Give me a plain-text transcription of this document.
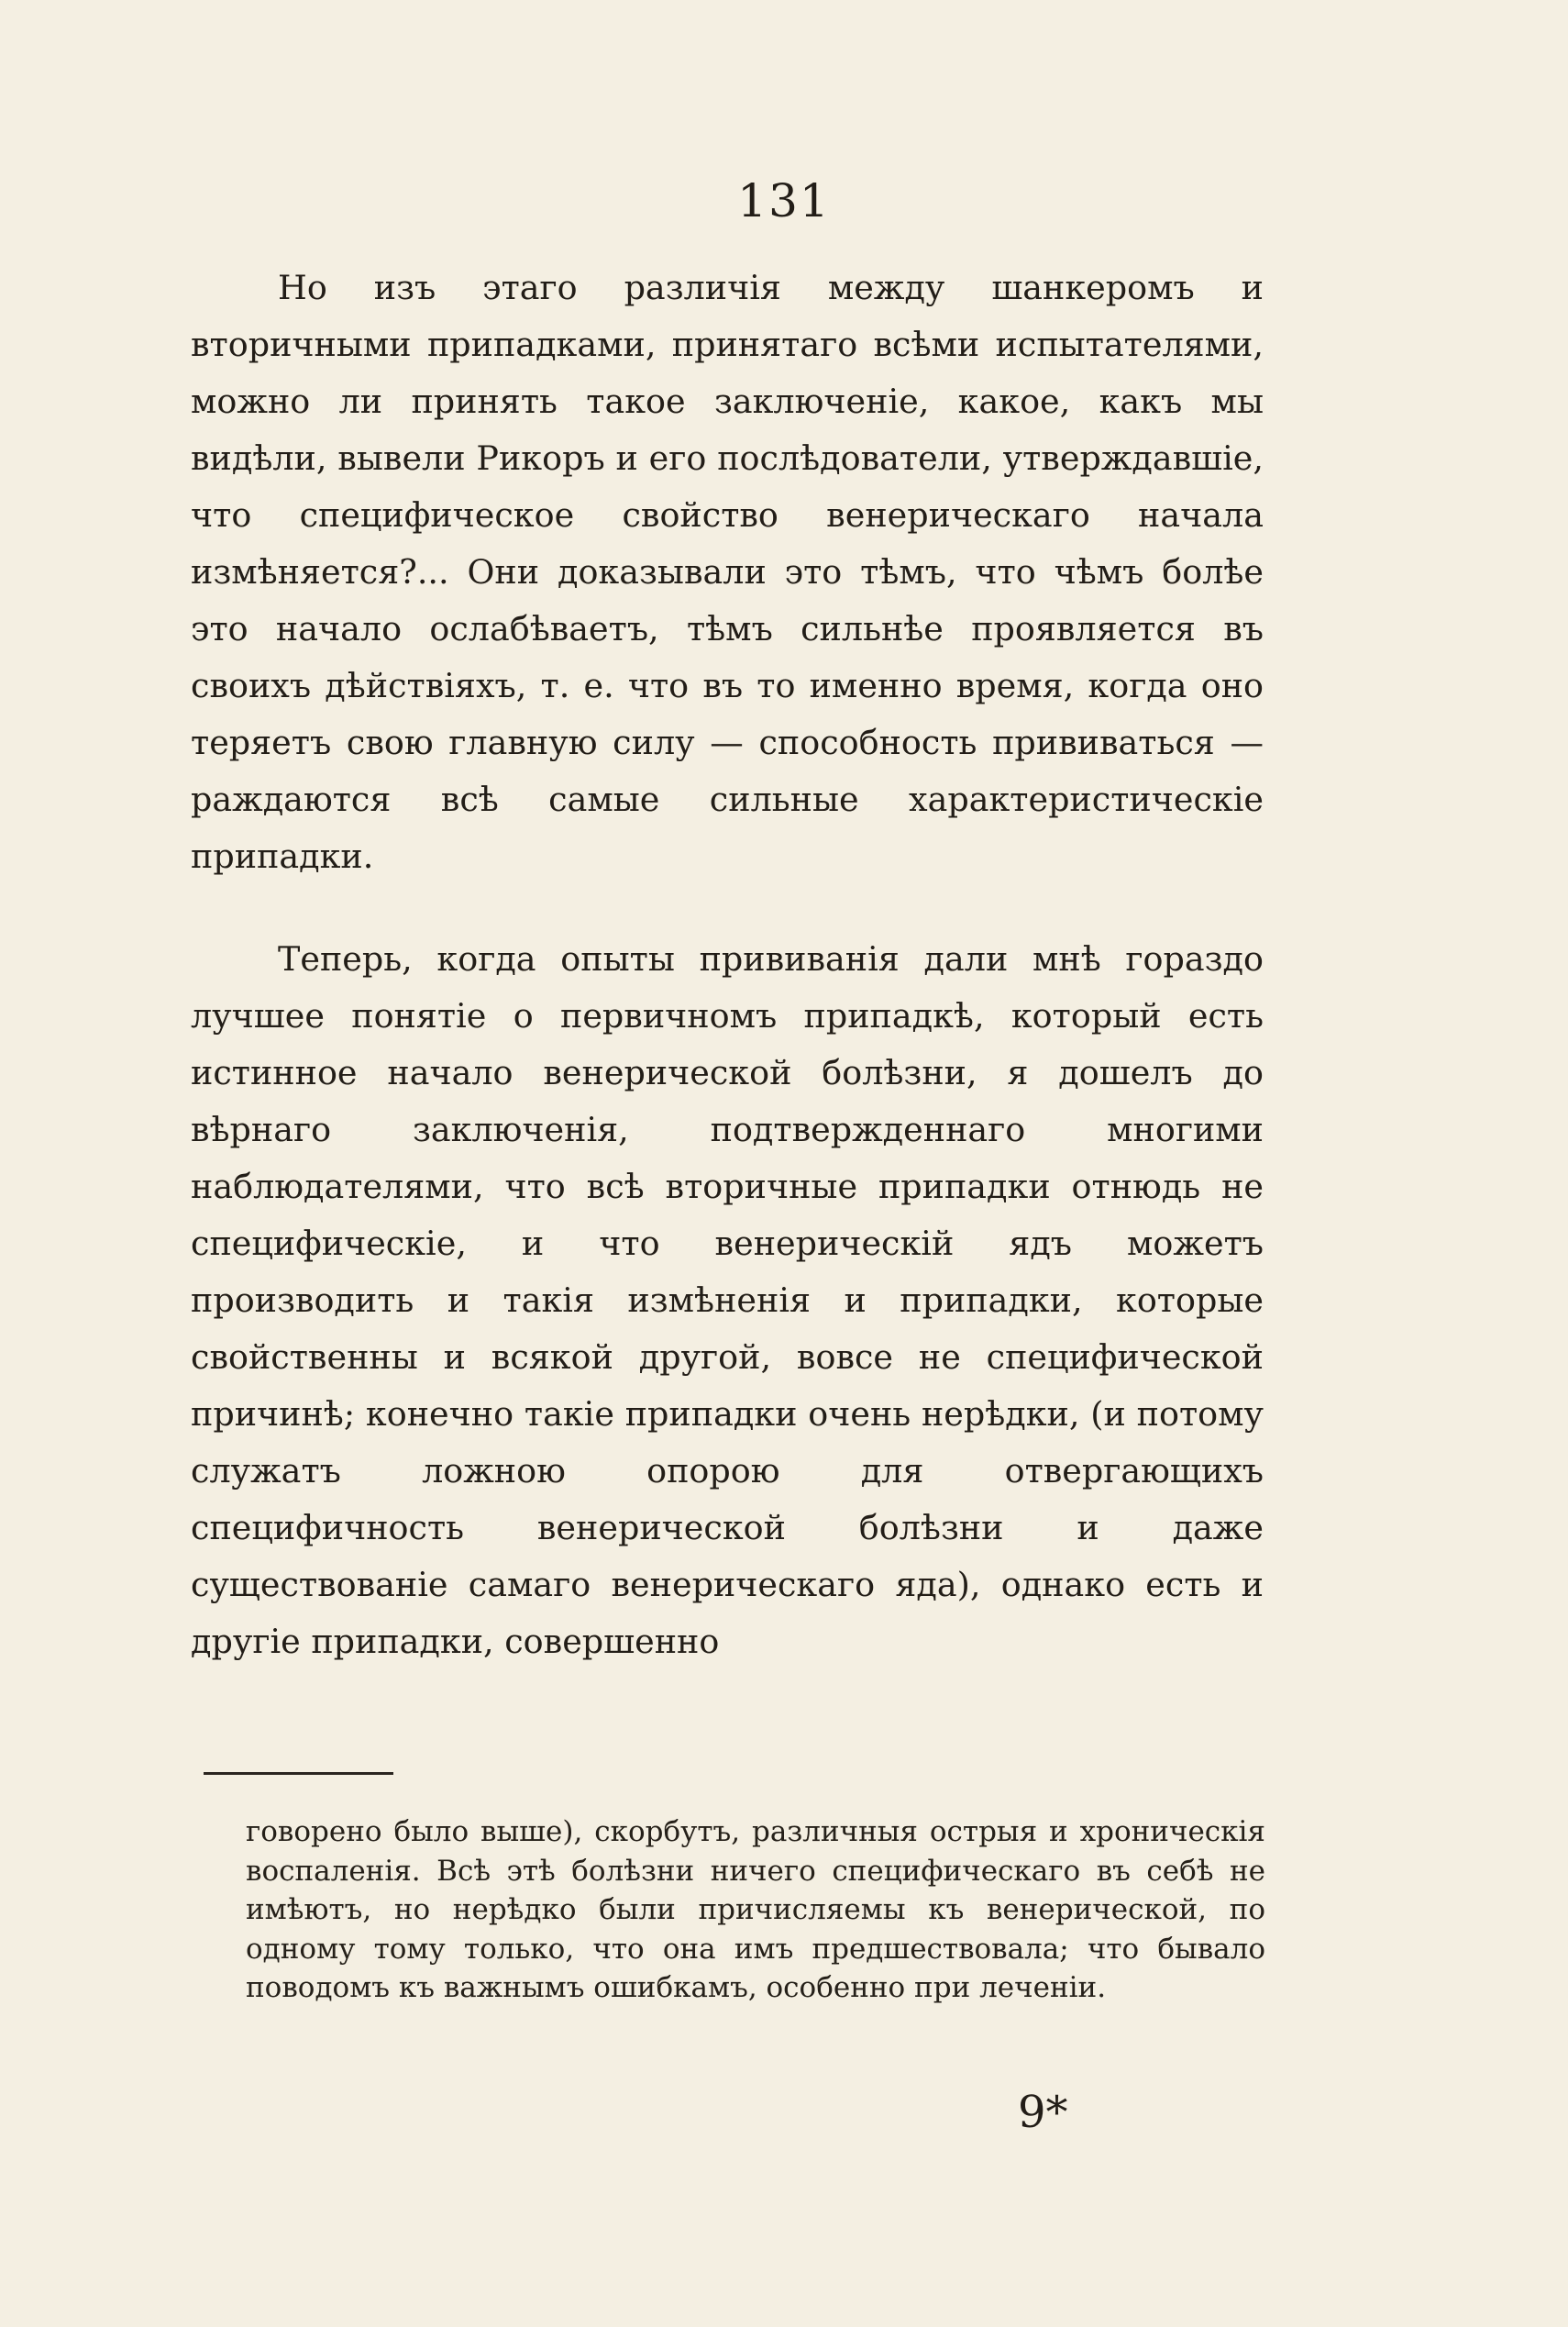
131

Но изъ этаго различія между шанкеромъ и вторичными припадками, принятаго всѣми испытателями, можно ли принять такое заключеніе, какое, какъ мы видѣли, вывели Рикоръ и его послѣдователи, утверждавшіе, что специфическое свойство венерическаго начала измѣняется?... Они доказывали это тѣмъ, что чѣмъ болѣе это начало ослабѣваетъ, тѣмъ сильнѣе проявляется въ своихъ дѣйствіяхъ, т. е. что въ то именно время, когда оно теряетъ свою главную силу — способность прививаться — раждаются всѣ самые сильные характеристическіе припадки.

Теперь, когда опыты прививанія дали мнѣ гораздо лучшее понятіе о первичномъ припадкѣ, который есть истинное начало венерической болѣзни, я дошелъ до вѣрнаго заключенія, подтвержденнаго многими наблюдателями, что всѣ вторичные припадки отнюдь не специфическіе, и что венерическій ядъ можетъ производить и такія измѣненія и припадки, которые свойственны и всякой другой, вовсе не специфической причинѣ; конечно такіе припадки очень нерѣдки, (и потому служатъ ложною опорою для отвергающихъ специфичность венерической болѣзни и даже существованіе самаго венерическаго яда), однако есть и другіе припадки, совершенно

говорено было выше), скорбутъ, различныя острыя и хроническія воспаленія. Всѣ этѣ болѣзни ничего специфическаго въ себѣ не имѣютъ, но нерѣдко были причисляемы къ венерической, по одному тому только, что она имъ предшествовала; что бывало поводомъ къ важнымъ ошибкамъ, особенно при леченіи.

9*
